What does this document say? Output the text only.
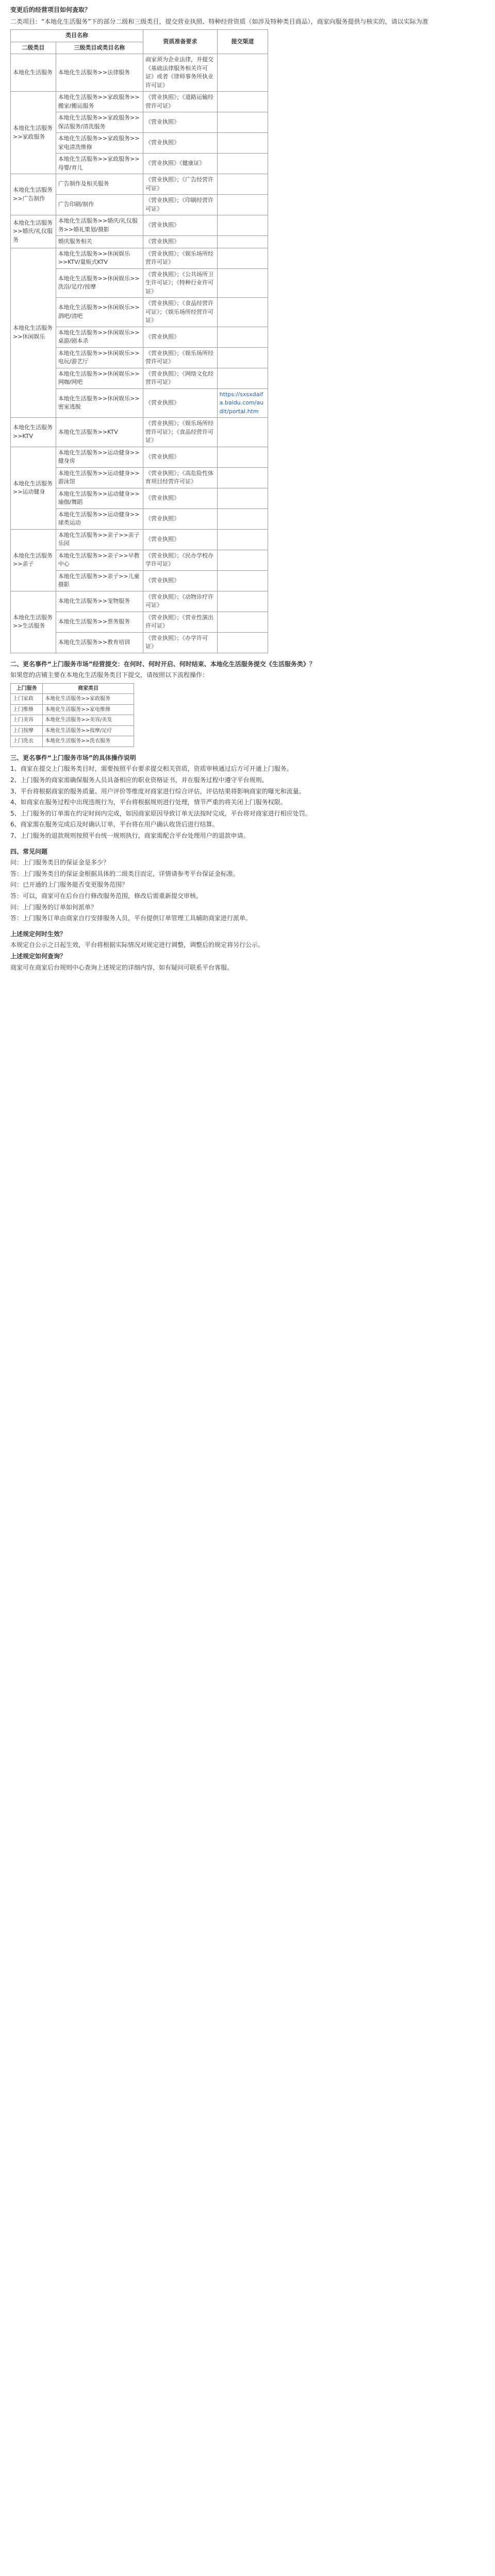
变更后的经营项目如何查取？

二类项目：“本地化生活服务”下的部分二级和三级类目，提交营业执照、特种经营资质（如涉及特种类目商品），商家向服务提供与核实的，请以实际为准

类目名称		资质准备要求	提交渠道
二级类目	三级类目或类目名称		
本地化生活服务	本地化生活服务>>法律服务	商家须为企业法律，并提交《基础法律服务相关许可证》或者《律师事务所执业许可证》	
本地化生活服务>>家政服务	本地化生活服务>>家政服务>>搬家/搬运服务	《营业执照》；《道路运输经营许可证》	
	本地化生活服务>>家政服务>>保洁服务/清洗服务	《营业执照》	
	本地化生活服务>>家政服务>>家电清洗维修	《营业执照》	
	本地化生活服务>>家政服务>>母婴/育儿	《营业执照》《健康证》	
本地化生活服务>>广告制作	广告制作及相关服务	《营业执照》；《广告经营许可证》	
	广告印刷/制作	《营业执照》；《印刷经营许可证》	
本地化生活服务>>婚庆/礼仪服务	本地化生活服务>>婚庆/礼仪服务>>婚礼策划/摄影	《营业执照》	
	婚庆服务相关	《营业执照》	
本地化生活服务>>休闲娱乐	本地化生活服务>>休闲娱乐>>KTV/量贩式KTV	《营业执照》；《娱乐场所经营许可证》	
	本地化生活服务>>休闲娱乐>>洗浴/足疗/按摩	《营业执照》；《公共场所卫生许可证》；《特种行业许可证》	
	本地化生活服务>>休闲娱乐>>酒吧/清吧	《营业执照》；《食品经营许可证》；《娱乐场所经营许可证》	
	本地化生活服务>>休闲娱乐>>桌游/剧本杀	《营业执照》	
	本地化生活服务>>休闲娱乐>>电玩/游艺厅	《营业执照》；《娱乐场所经营许可证》	
	本地化生活服务>>休闲娱乐>>网咖/网吧	《营业执照》；《网络文化经营许可证》	
	本地化生活服务>>休闲娱乐>>密室逃脱	《营业执照》	https://sxsxdaifa.baidu.com/audit/portal.htm
本地化生活服务>>KTV	本地化生活服务>>KTV	《营业执照》；《娱乐场所经营许可证》；《食品经营许可证》	
本地化生活服务>>运动健身	本地化生活服务>>运动健身>>健身房	《营业执照》	
	本地化生活服务>>运动健身>>游泳馆	《营业执照》；《高危险性体育项目经营许可证》	
	本地化生活服务>>运动健身>>瑜伽/舞蹈	《营业执照》	
	本地化生活服务>>运动健身>>球类运动	《营业执照》	
本地化生活服务>>亲子	本地化生活服务>>亲子>>亲子乐园	《营业执照》	
	本地化生活服务>>亲子>>早教中心	《营业执照》；《民办学校办学许可证》	
	本地化生活服务>>亲子>>儿童摄影	《营业执照》	
本地化生活服务>>生活服务	本地化生活服务>>宠物服务	《营业执照》；《动物诊疗许可证》	
	本地化生活服务>>票务服务	《营业执照》；《营业性演出许可证》	
	本地化生活服务>>教育培训	《营业执照》；《办学许可证》	

二、更名事件“上门服务市场”经营提交：在何时、何时开启、何时结束、本地化生活服务提交《生活服务类》？

如果您的店铺主要在本地化生活服务类目下提交，请按照以下流程操作：

上门服务	商家类目
上门家政	本地化生活服务>>家政服务
上门维修	本地化生活服务>>家电维修
上门美容	本地化生活服务>>美容/美发
上门按摩	本地化生活服务>>按摩/足疗
上门洗衣	本地化生活服务>>洗衣服务

三、更名事件“上门服务市场”的具体操作说明

1、商家在提交上门服务类目时，需要按照平台要求提交相关资质，资质审核通过后方可开通上门服务。

2、上门服务的商家需确保服务人员具备相应的职业资格证书，并在服务过程中遵守平台规则。

3、平台将根据商家的服务质量、用户评价等维度对商家进行综合评估，评估结果将影响商家的曝光和流量。

4、如商家在服务过程中出现违规行为，平台将根据规则进行处理，情节严重的将关闭上门服务权限。

5、上门服务的订单需在约定时间内完成，如因商家原因导致订单无法按时完成，平台将对商家进行相应处罚。

6、商家需在服务完成后及时确认订单，平台将在用户确认收货后进行结算。

7、上门服务的退款规则按照平台统一规则执行，商家需配合平台处理用户的退款申请。

四、常见问题

问：上门服务类目的保证金是多少？

答：上门服务类目的保证金根据具体的二级类目而定，详情请参考平台保证金标准。

问：已开通的上门服务能否变更服务范围？

答：可以，商家可在后台自行修改服务范围，修改后需重新提交审核。

问：上门服务的订单如何派单？

答：上门服务订单由商家自行安排服务人员，平台提供订单管理工具辅助商家进行派单。

上述规定何时生效？

本规定自公示之日起生效，平台将根据实际情况对规定进行调整，调整后的规定将另行公示。

上述规定如何查询？

商家可在商家后台规则中心查询上述规定的详细内容，如有疑问可联系平台客服。
